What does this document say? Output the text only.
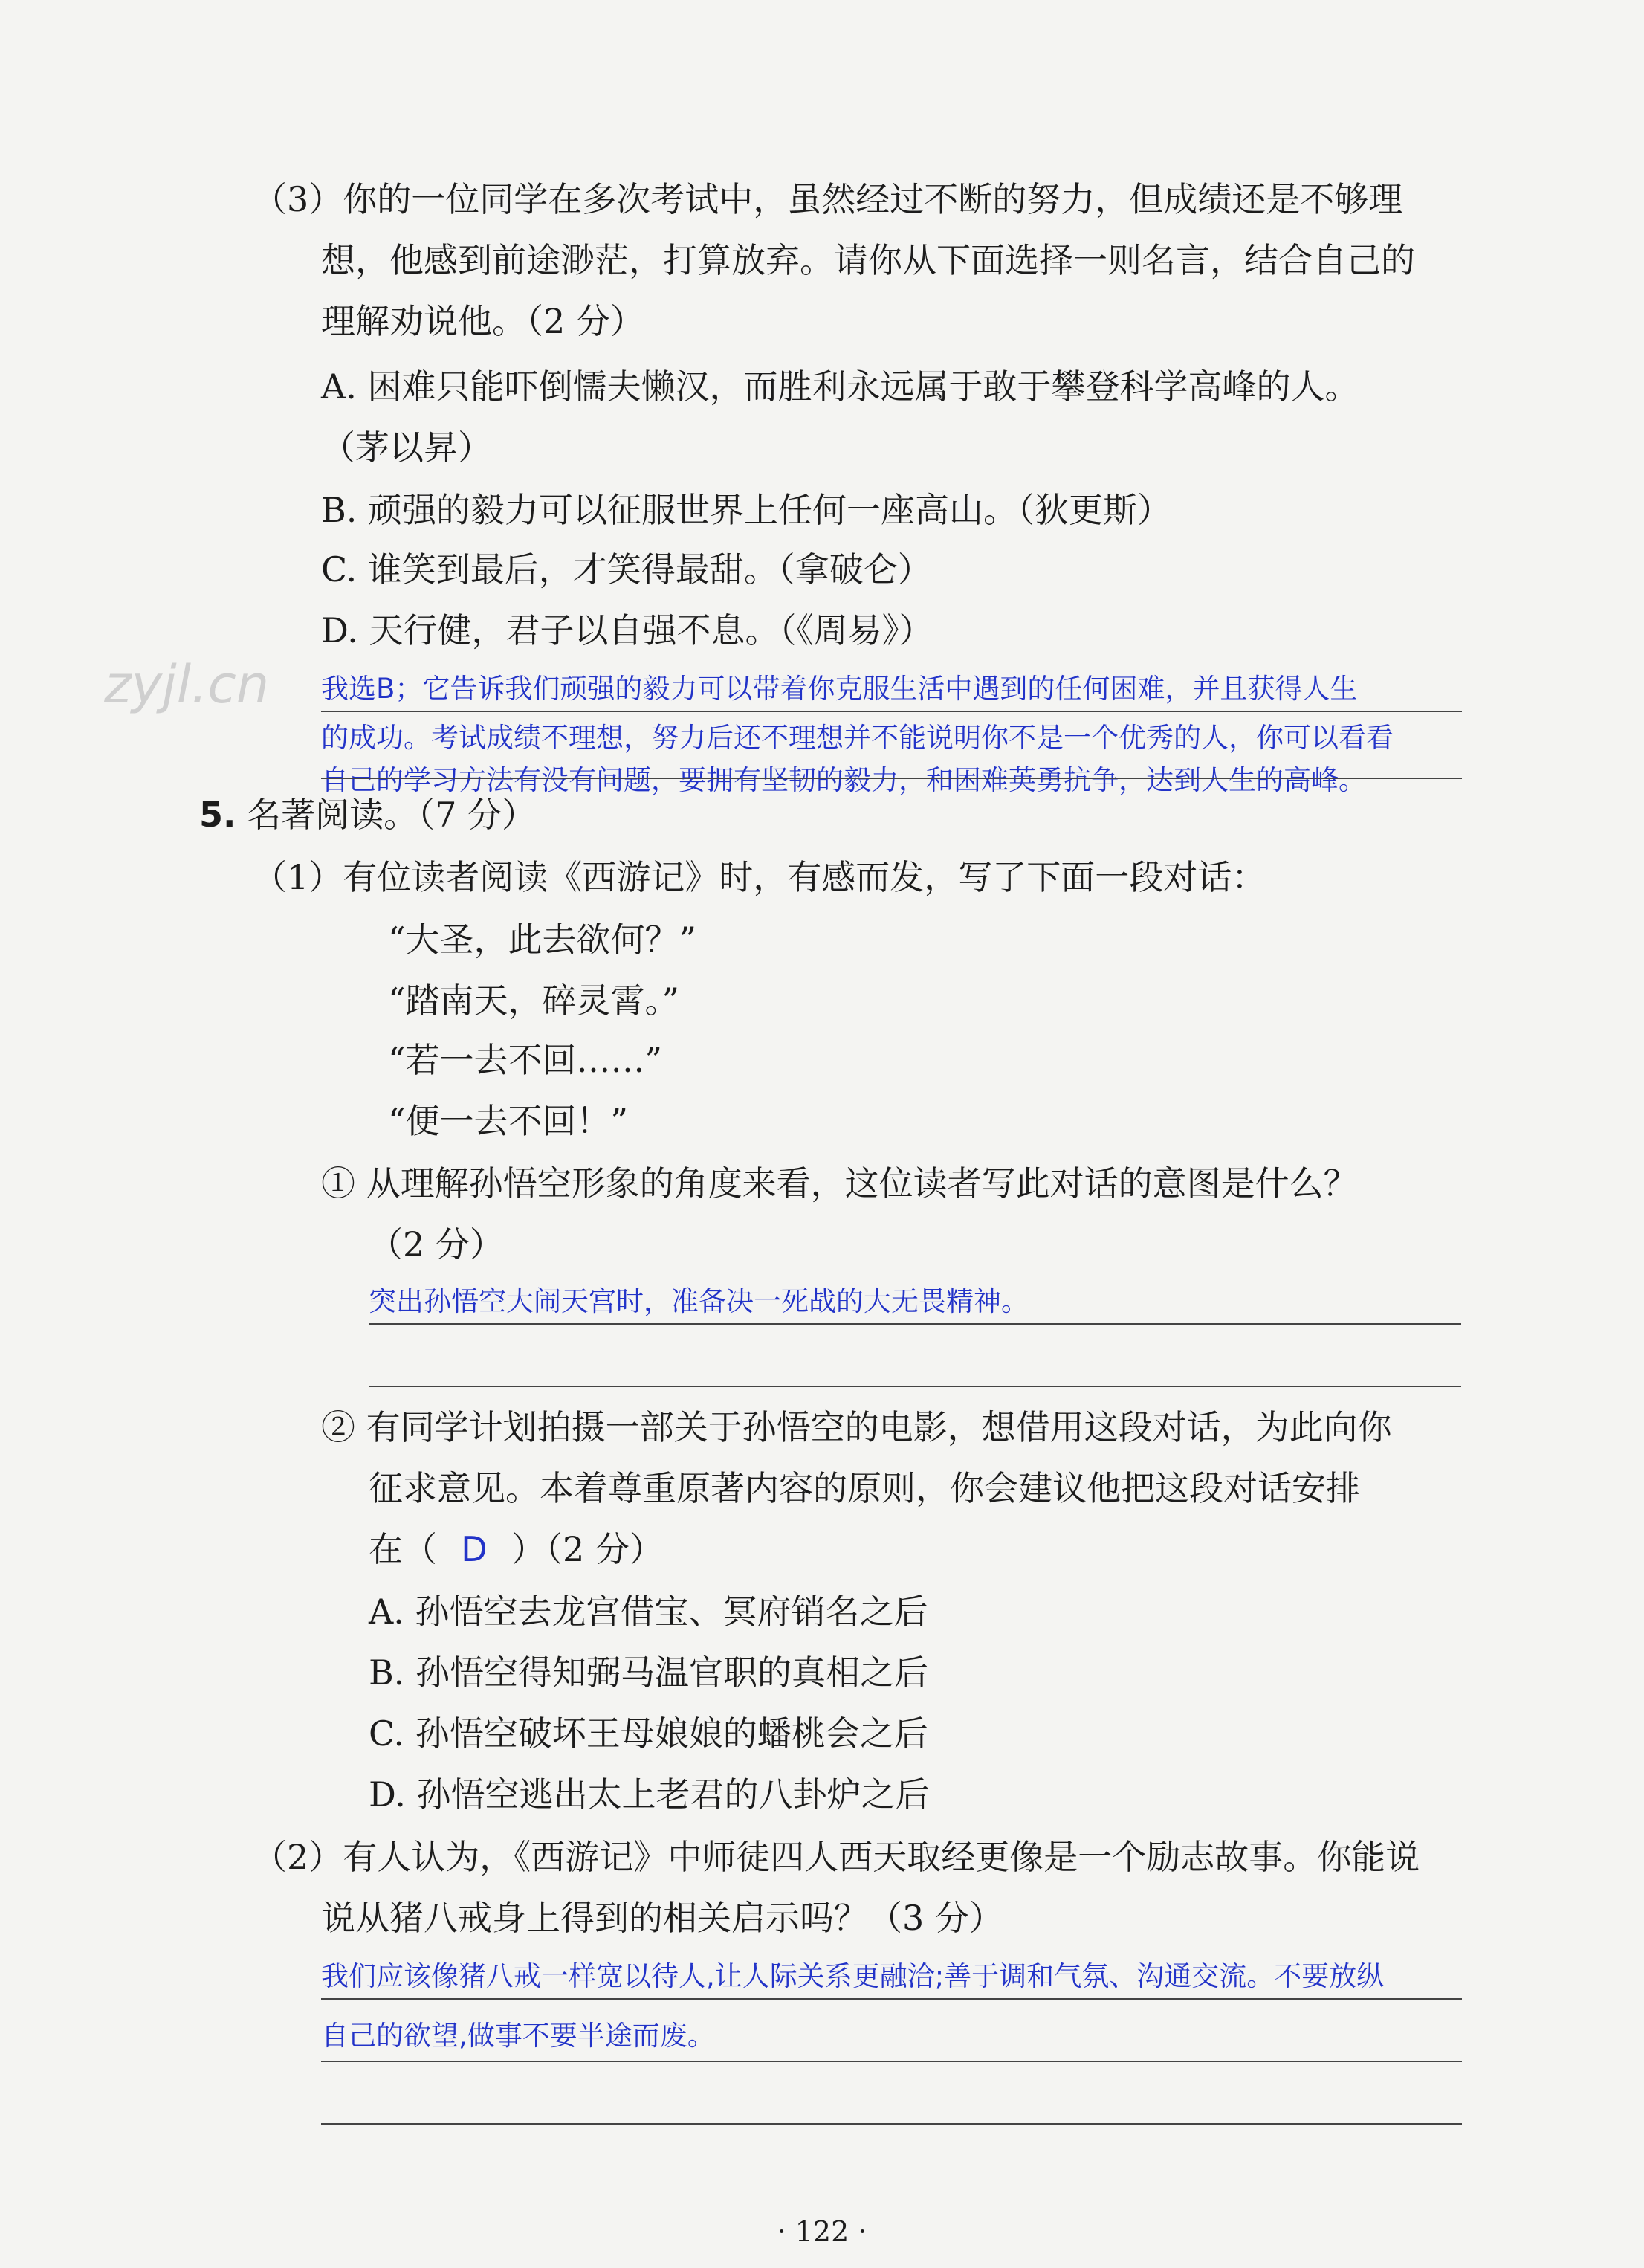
（3）你的一位同学在多次考试中，虽然经过不断的努力，但成绩还是不够理
想，他感到前途渺茫，打算放弃。请你从下面选择一则名言，结合自己的
理解劝说他。（2 分）
A. 困难只能吓倒懦夫懒汉，而胜利永远属于敢于攀登科学高峰的人。
（茅以昇）
B. 顽强的毅力可以征服世界上任何一座高山。（狄更斯）
C. 谁笑到最后，才笑得最甜。（拿破仑）
D. 天行健，君子以自强不息。（《周易》）
zyjl.cn 我选B；它告诉我们顽强的毅力可以带着你克服生活中遇到的任何困难，并且获得人生
的成功。考试成绩不理想，努力后还不理想并不能说明你不是一个优秀的人，你可以看看
自己的学习方法有没有问题，要拥有坚韧的毅力，和困难英勇抗争，达到人生的高峰。
5. 名著阅读。（7 分）
（1）有位读者阅读《西游记》时，有感而发，写了下面一段对话：
“大圣，此去欲何？”
“踏南天，碎灵霄。”
“若一去不回……”
“便一去不回！”
① 从理解孙悟空形象的角度来看，这位读者写此对话的意图是什么？
（2 分）
突出孙悟空大闹天宫时，准备决一死战的大无畏精神。
② 有同学计划拍摄一部关于孙悟空的电影，想借用这段对话，为此向你
征求意见。本着尊重原著内容的原则，你会建议他把这段对话安排
在（ D ）（2 分）
A. 孙悟空去龙宫借宝、冥府销名之后
B. 孙悟空得知弼马温官职的真相之后
C. 孙悟空破坏王母娘娘的蟠桃会之后
D. 孙悟空逃出太上老君的八卦炉之后
（2）有人认为，《西游记》中师徒四人西天取经更像是一个励志故事。你能说
说从猪八戒身上得到的相关启示吗？（3 分）
我们应该像猪八戒一样宽以待人,让人际关系更融洽;善于调和气氛、沟通交流。不要放纵
自己的欲望,做事不要半途而废。
· 122 ·
